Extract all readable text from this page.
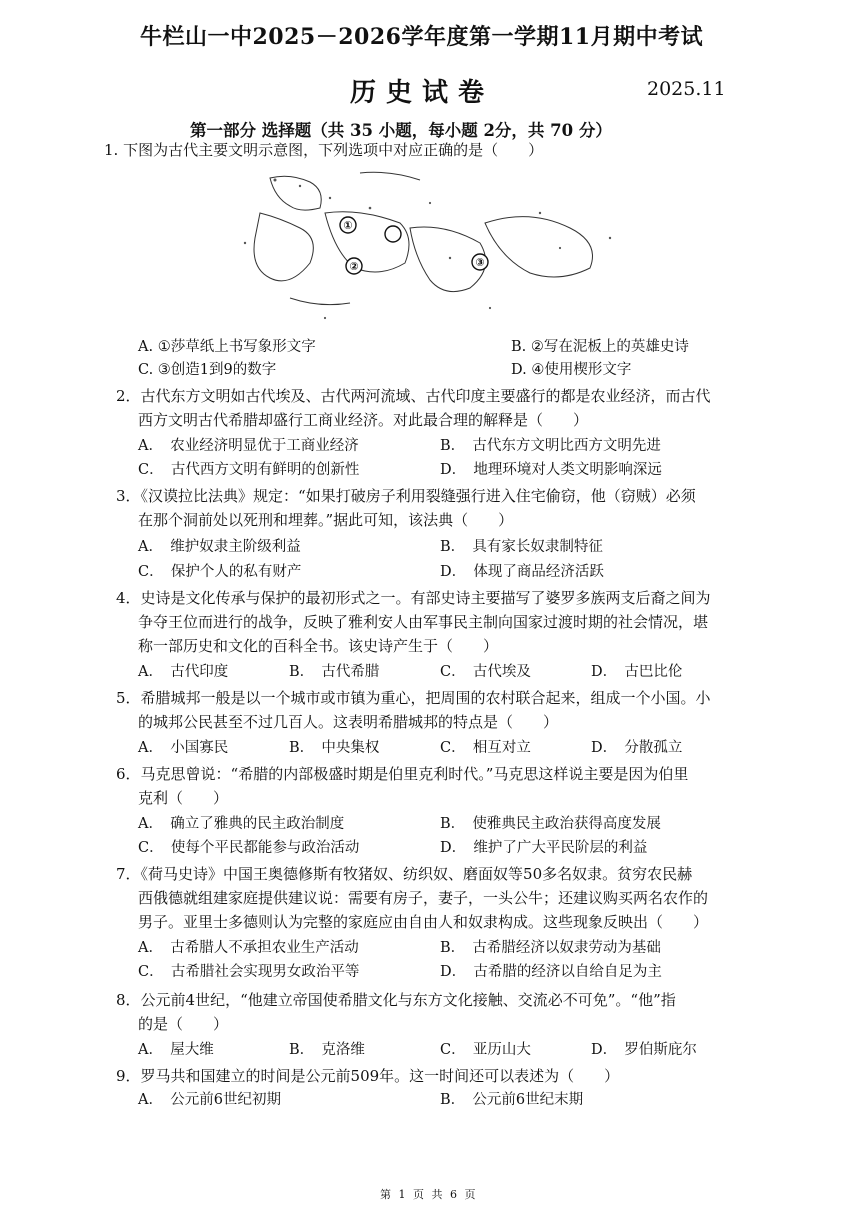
牛栏山一中2025－2026学年度第一学期11月期中考试
历史试卷	2025.11
第一部分 选择题（共 35 小题，每小题 2分，共 70 分）
1. 下图为古代主要文明示意图，下列选项中对应正确的是（　　）
①
②	③
A. ①莎草纸上书写象形文字	B. ②写在泥板上的英雄史诗
C. ③创造1到9的数字	D. ④使用楔形文字
2．古代东方文明如古代埃及、古代两河流域、古代印度主要盛行的都是农业经济，而古代
西方文明古代希腊却盛行工商业经济。对此最合理的解释是（　　）
A．　农业经济明显优于工商业经济	B．　古代东方文明比西方文明先进
C．　古代西方文明有鲜明的创新性	D．　地理环境对人类文明影响深远
3．《汉谟拉比法典》规定：“如果打破房子利用裂缝强行进入住宅偷窃，他（窃贼）必须
在那个洞前处以死刑和埋葬。”据此可知，该法典（　　）
A．　维护奴隶主阶级利益	B．　具有家长奴隶制特征
C．　保护个人的私有财产	D．　体现了商品经济活跃
4．史诗是文化传承与保护的最初形式之一。有部史诗主要描写了婆罗多族两支后裔之间为
争夺王位而进行的战争，反映了雅利安人由军事民主制向国家过渡时期的社会情况，堪
称一部历史和文化的百科全书。该史诗产生于（　　）
A．　古代印度	B．　古代希腊	C．　古代埃及	D．　古巴比伦
5．希腊城邦一般是以一个城市或市镇为重心，把周围的农村联合起来，组成一个小国。小
的城邦公民甚至不过几百人。这表明希腊城邦的特点是（　　）
A．　小国寡民	B．　中央集权	C．　相互对立	D．　分散孤立
6．马克思曾说：“希腊的内部极盛时期是伯里克利时代。”马克思这样说主要是因为伯里
克利（　　）
A．　确立了雅典的民主政治制度	B．　使雅典民主政治获得高度发展
C．　使每个平民都能参与政治活动	D．　维护了广大平民阶层的利益
7．《荷马史诗》中国王奥德修斯有牧猪奴、纺织奴、磨面奴等50多名奴隶。贫穷农民赫
西俄德就组建家庭提供建议说：需要有房子，妻子，一头公牛；还建议购买两名农作的
男子。亚里士多德则认为完整的家庭应由自由人和奴隶构成。这些现象反映出（　　）
A．　古希腊人不承担农业生产活动	B．　古希腊经济以奴隶劳动为基础
C．　古希腊社会实现男女政治平等	D．　古希腊的经济以自给自足为主
8．公元前4世纪，“他建立帝国使希腊文化与东方文化接触、交流必不可免”。“他”指
的是（　　）
A．　屋大维	B．　克洛维	C．　亚历山大	D．　罗伯斯庇尔
9．罗马共和国建立的时间是公元前509年。这一时间还可以表述为（　　）
A．　公元前6世纪初期	B．　公元前6世纪末期
第 1 页 共 6 页
